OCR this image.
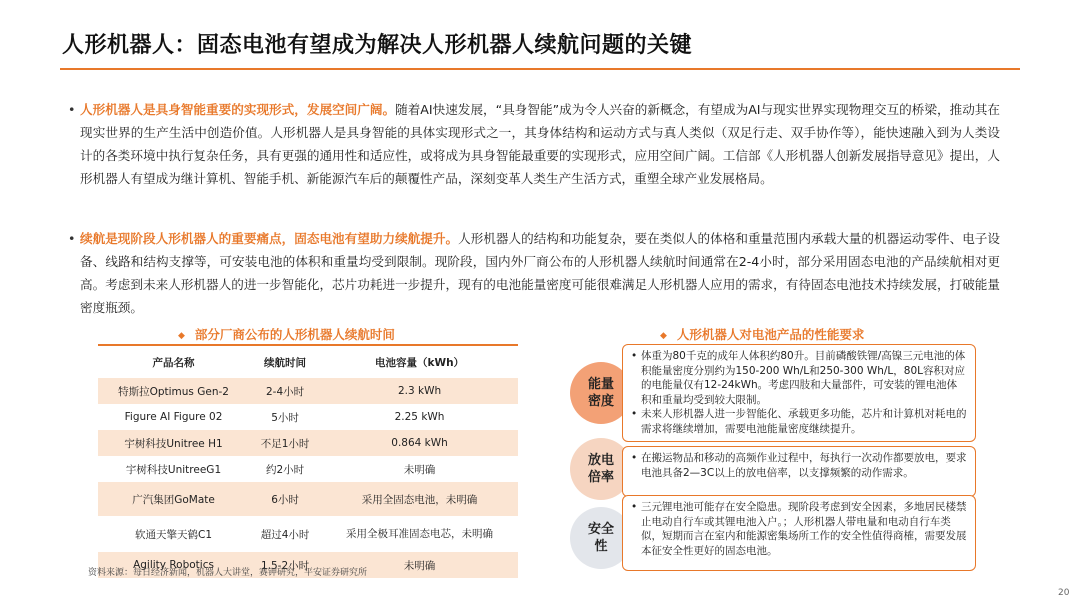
人形机器人：固态电池有望成为解决人形机器人续航问题的关键
• 人形机器人是具身智能重要的实现形式，发展空间广阔。随着AI快速发展，“具身智能”成为令人兴奋的新概念，有望成为AI与现实世界实现物理交互的桥梁，推动其在现实世界的生产生活中创造价值。人形机器人是具身智能的具体实现形式之一，其身体结构和运动方式与真人类似（双足行走、双手协作等），能快速融入到为人类设计的各类环境中执行复杂任务，具有更强的通用性和适应性，或将成为具身智能最重要的实现形式，应用空间广阔。工信部《人形机器人创新发展指导意见》提出，人形机器人有望成为继计算机、智能手机、新能源汽车后的颠覆性产品，深刻变革人类生产生活方式，重塑全球产业发展格局。
• 续航是现阶段人形机器人的重要痛点，固态电池有望助力续航提升。人形机器人的结构和功能复杂，要在类似人的体格和重量范围内承载大量的机器运动零件、电子设备、线路和结构支撑等，可安装电池的体积和重量均受到限制。现阶段，国内外厂商公布的人形机器人续航时间通常在2-4小时，部分采用固态电池的产品续航相对更高。考虑到未来人形机器人的进一步智能化，芯片功耗进一步提升，现有的电池能量密度可能很难满足人形机器人应用的需求，有待固态电池技术持续发展，打破能量密度瓶颈。
◆ 部分厂商公布的人形机器人续航时间
产品名称	续航时间	电池容量（kWh）
特斯拉Optimus Gen-2	2-4小时	2.3 kWh
Figure AI Figure 02	5小时	2.25 kWh
宇树科技Unitree H1	不足1小时	0.864 kWh
宇树科技UnitreeG1	约2小时	未明确
广汽集团GoMate	6小时	采用全固态电池，未明确
软通天擎天鹤C1	超过4小时	采用全极耳准固态电芯，未明确
Agility Robotics	1.5-2小时	未明确
资料来源：每日经济新闻，机器人大讲堂，赛钾研究，平安证券研究所
◆ 人形机器人对电池产品的性能要求
能量
密度

• 体重为80千克的成年人体积约80升。目前磷酸铁锂/高镍三元电池的体积能量密度分别约为150-200 Wh/L和250-300 Wh/L，80L容积对应的电能量仅有12-24kWh。考虑四肢和大量部件，可安装的锂电池体积和重量均受到较大限制。

• 未来人形机器人进一步智能化、承载更多功能，芯片和计算机对耗电的需求将继续增加，需要电池能量密度继续提升。

放电
倍率

• 在搬运物品和移动的高频作业过程中，每执行一次动作都要放电，要求电池具备2—3C以上的放电倍率，以支撑频繁的动作需求。

安全
性

• 三元锂电池可能存在安全隐患。现阶段考虑到安全因素，多地居民楼禁止电动自行车或其锂电池入户。；人形机器人带电量和电动自行车类似，短期而言在室内和能源密集场所工作的安全性值得商榷，需要发展本征安全性更好的固态电池。

20
